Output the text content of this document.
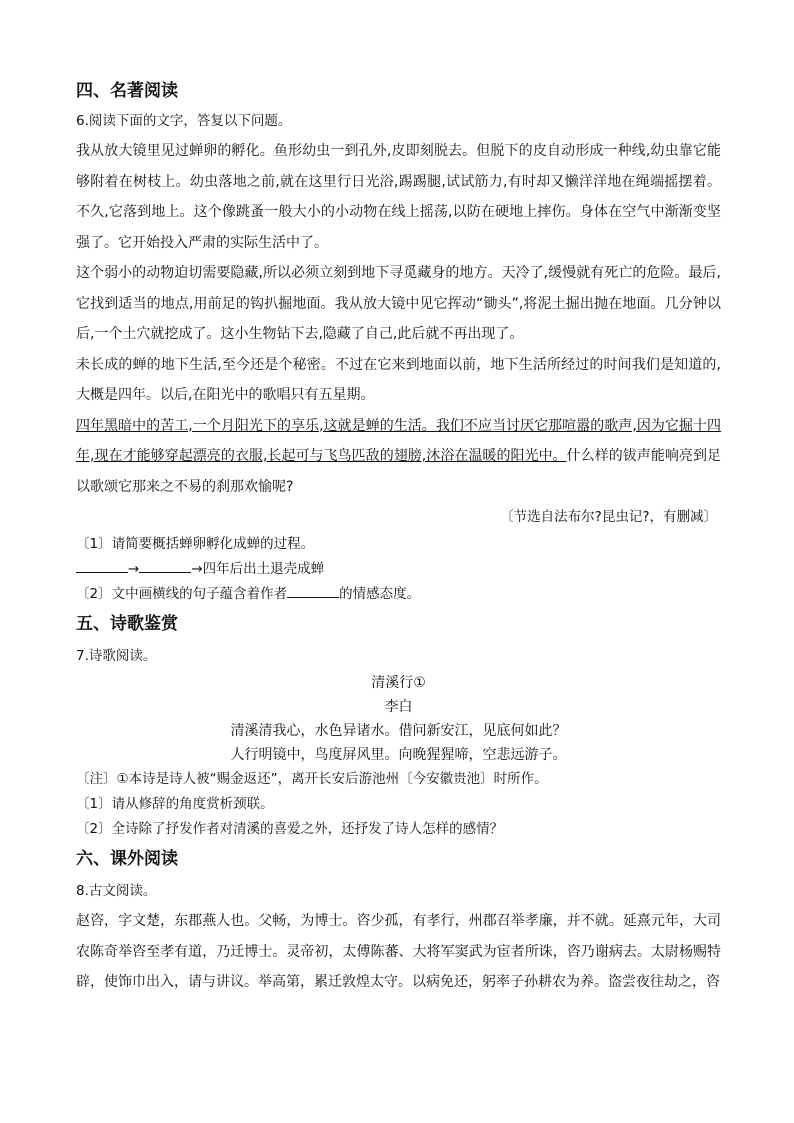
四、名著阅读

6.阅读下面的文字，答复以下问题。

我从放大镜里见过蝉卵的孵化。鱼形幼虫一到孔外,皮即刻脱去。但脱下的皮自动形成一种线,幼虫靠它能够附着在树枝上。幼虫落地之前,就在这里行日光浴,踢踢腿,试试筋力,有时却又懒洋洋地在绳端摇摆着。不久,它落到地上。这个像跳蚤一般大小的小动物在线上摇荡,以防在硬地上摔伤。身体在空气中渐渐变坚强了。它开始投入严肃的实际生活中了。

这个弱小的动物迫切需要隐藏,所以必须立刻到地下寻觅藏身的地方。天冷了,缓慢就有死亡的危险。最后,它找到适当的地点,用前足的钩扒掘地面。我从放大镜中见它挥动“锄头”,将泥土掘出抛在地面。几分钟以后,一个土穴就挖成了。这小生物钻下去,隐藏了自己,此后就不再出现了。

未长成的蝉的地下生活,至今还是个秘密。不过在它来到地面以前，地下生活所经过的时间我们是知道的,大概是四年。以后,在阳光中的歌唱只有五星期。

四年黑暗中的苦工,一个月阳光下的享乐,这就是蝉的生活。我们不应当讨厌它那喧嚣的歌声,因为它掘十四年,现在才能够穿起漂亮的衣服,长起可与飞鸟匹敌的翅膀,沐浴在温暖的阳光中。什么样的钹声能响亮到足以歌颂它那来之不易的刹那欢愉呢?

〔节选自法布尔?昆虫记?，有删减〕

〔1〕请简要概括蝉卵孵化成蝉的过程。

→	→四年后出土退壳成蝉

〔2〕文中画横线的句子蕴含着作者	的情感态度。

五、诗歌鉴赏

7.诗歌阅读。

清溪行①

李白

清溪清我心，水色异诸水。借问新安江，见底何如此？

人行明镜中，鸟度屏风里。向晚猩猩啼，空悲远游子。

〔注〕①本诗是诗人被“赐金返还”，离开长安后游池州〔今安徽贵池〕时所作。

〔1〕请从修辞的角度赏析颈联。

〔2〕全诗除了抒发作者对清溪的喜爱之外，还抒发了诗人怎样的感情？

六、课外阅读

8.古文阅读。

赵咨，字文楚，东郡燕人也。父畅，为博士。咨少孤，有孝行，州郡召举孝廉，并不就。延熹元年，大司农陈奇举咨至孝有道，乃迁博士。灵帝初，太傅陈蕃、大将军窦武为宦者所诛，咨乃谢病去。太尉杨赐特辟，使饰巾出入，请与讲议。举高第，累迁敦煌太守。以病免还，躬率子孙耕农为养。盗尝夜往劫之，咨
